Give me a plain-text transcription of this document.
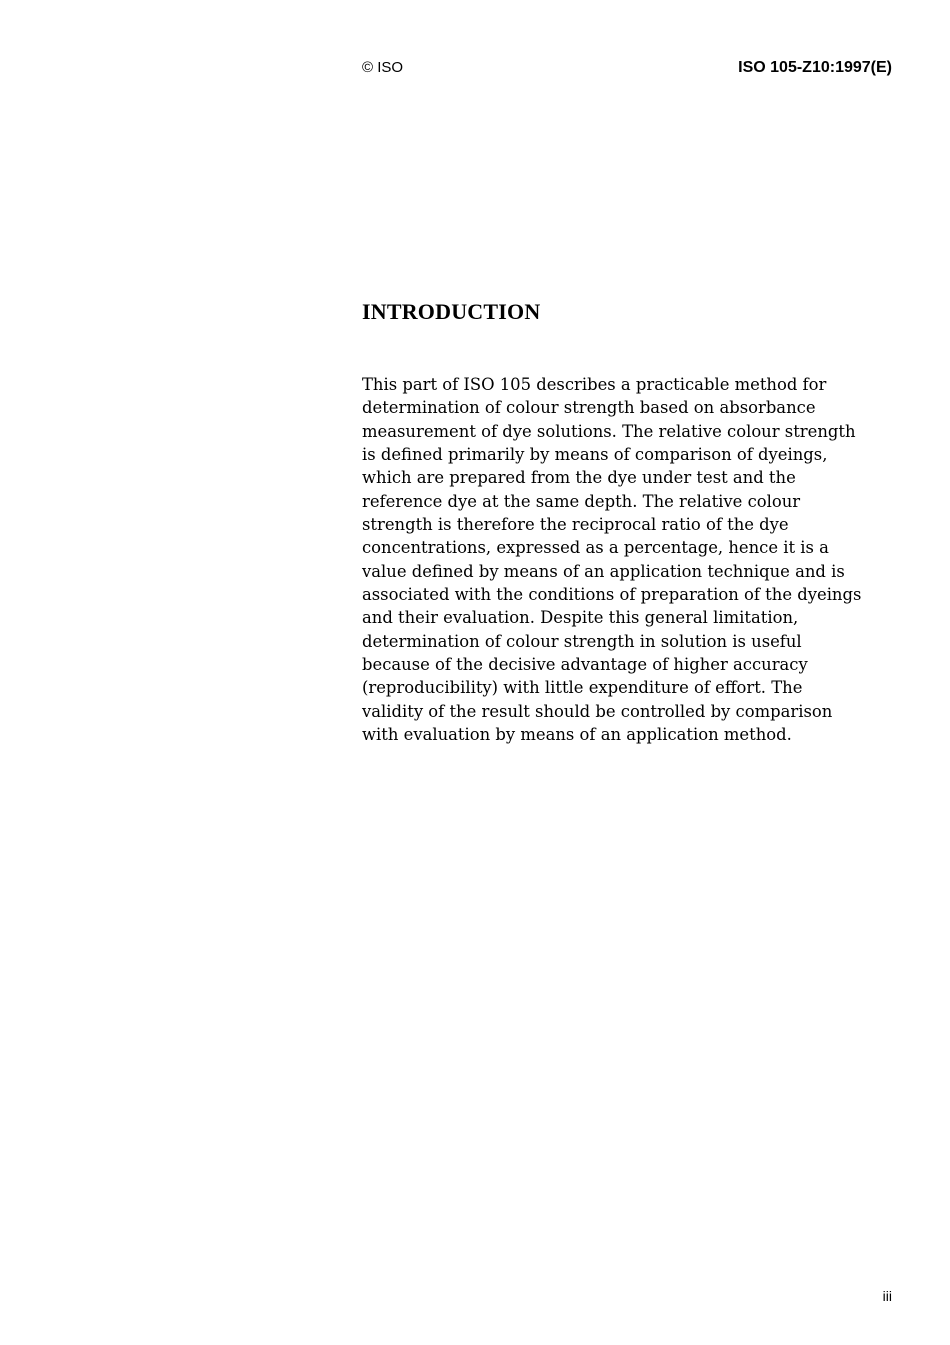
© ISO	ISO 105-Z10:1997(E)
INTRODUCTION

This part of ISO 105 describes a practicable method for
determination of colour strength based on absorbance
measurement of dye solutions. The relative colour strength
is defined primarily by means of comparison of dyeings,
which are prepared from the dye under test and the
reference dye at the same depth. The relative colour
strength is therefore the reciprocal ratio of the dye
concentrations, expressed as a percentage, hence it is a
value defined by means of an application technique and is
associated with the conditions of preparation of the dyeings
and their evaluation. Despite this general limitation,
determination of colour strength in solution is useful
because of the decisive advantage of higher accuracy
(reproducibility) with little expenditure of effort. The
validity of the result should be controlled by comparison
with evaluation by means of an application method.

iii
